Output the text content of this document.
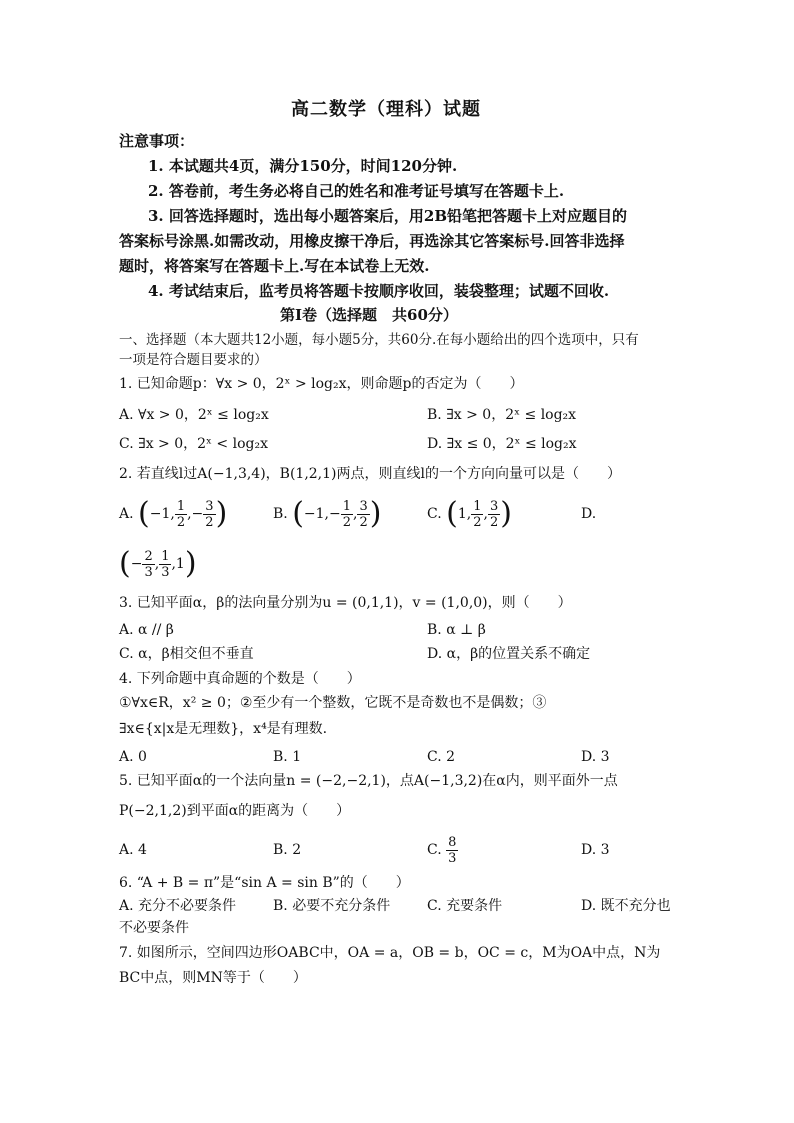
高二数学（理科）试题
注意事项：
1. 本试题共4页，满分150分，时间120分钟.
2. 答卷前，考生务必将自己的姓名和准考证号填写在答题卡上.
3. 回答选择题时，选出每小题答案后，用2B铅笔把答题卡上对应题目的
答案标号涂黑.如需改动，用橡皮擦干净后，再选涂其它答案标号.回答非选择
题时，将答案写在答题卡上.写在本试卷上无效.
4. 考试结束后，监考员将答题卡按顺序收回，装袋整理；试题不回收.
第Ⅰ卷（选择题　共60分）
一、选择题（本大题共12小题，每小题5分，共60分.在每小题给出的四个选项中，只有
一项是符合题目要求的）
1. 已知命题p：∀x > 0，2ˣ > log₂x，则命题p的否定为（　　）
A. ∀x > 0，2ˣ ≤ log₂x	B. ∃x > 0，2ˣ ≤ log₂x
C. ∃x > 0，2ˣ < log₂x	D. ∃x ≤ 0，2ˣ ≤ log₂x
2. 若直线l过A(−1,3,4)，B(1,2,1)两点，则直线l的一个方向向量可以是（　　）
A. (−1, $\frac{1}{2}$ ,− $\frac{3}{2}$ )	B. ($-1,- \frac{1}{2}$ , $\frac{3}{2}$ )	C. (1, $\frac{1}{2}$ , $\frac{3}{2}$ )	D.
(− $\frac{2}{3}$ , $\frac{1}{3} ,1$)
3. 已知平面α，β的法向量分别为u = (0,1,1)，v = (1,0,0)，则（　　）
A. α // β	B. α ⊥ β
C. α，β相交但不垂直	D. α，β的位置关系不确定
4. 下列命题中真命题的个数是（　　）
①∀x∈R，x² ≥ 0；②至少有一个整数，它既不是奇数也不是偶数；③
∃x∈{x|x是无理数}，x⁴是有理数.
A. 0	B. 1	C. 2	D. 3
5. 已知平面α的一个法向量n = (−2,−2,1)，点A(−1,3,2)在α内，则平面外一点
P(−2,1,2)到平面α的距离为（　　）
A. 4	B. 2	C. $\frac{8}{3}$	D. 3
6. “A + B = π”是“sin A = sin B”的（　　）
A. 充分不必要条件	B. 必要不充分条件	C. 充要条件	D. 既不充分也
不必要条件
7. 如图所示，空间四边形OABC中，OA = a，OB = b，OC = c，M为OA中点，N为
BC中点，则MN等于（　　）
